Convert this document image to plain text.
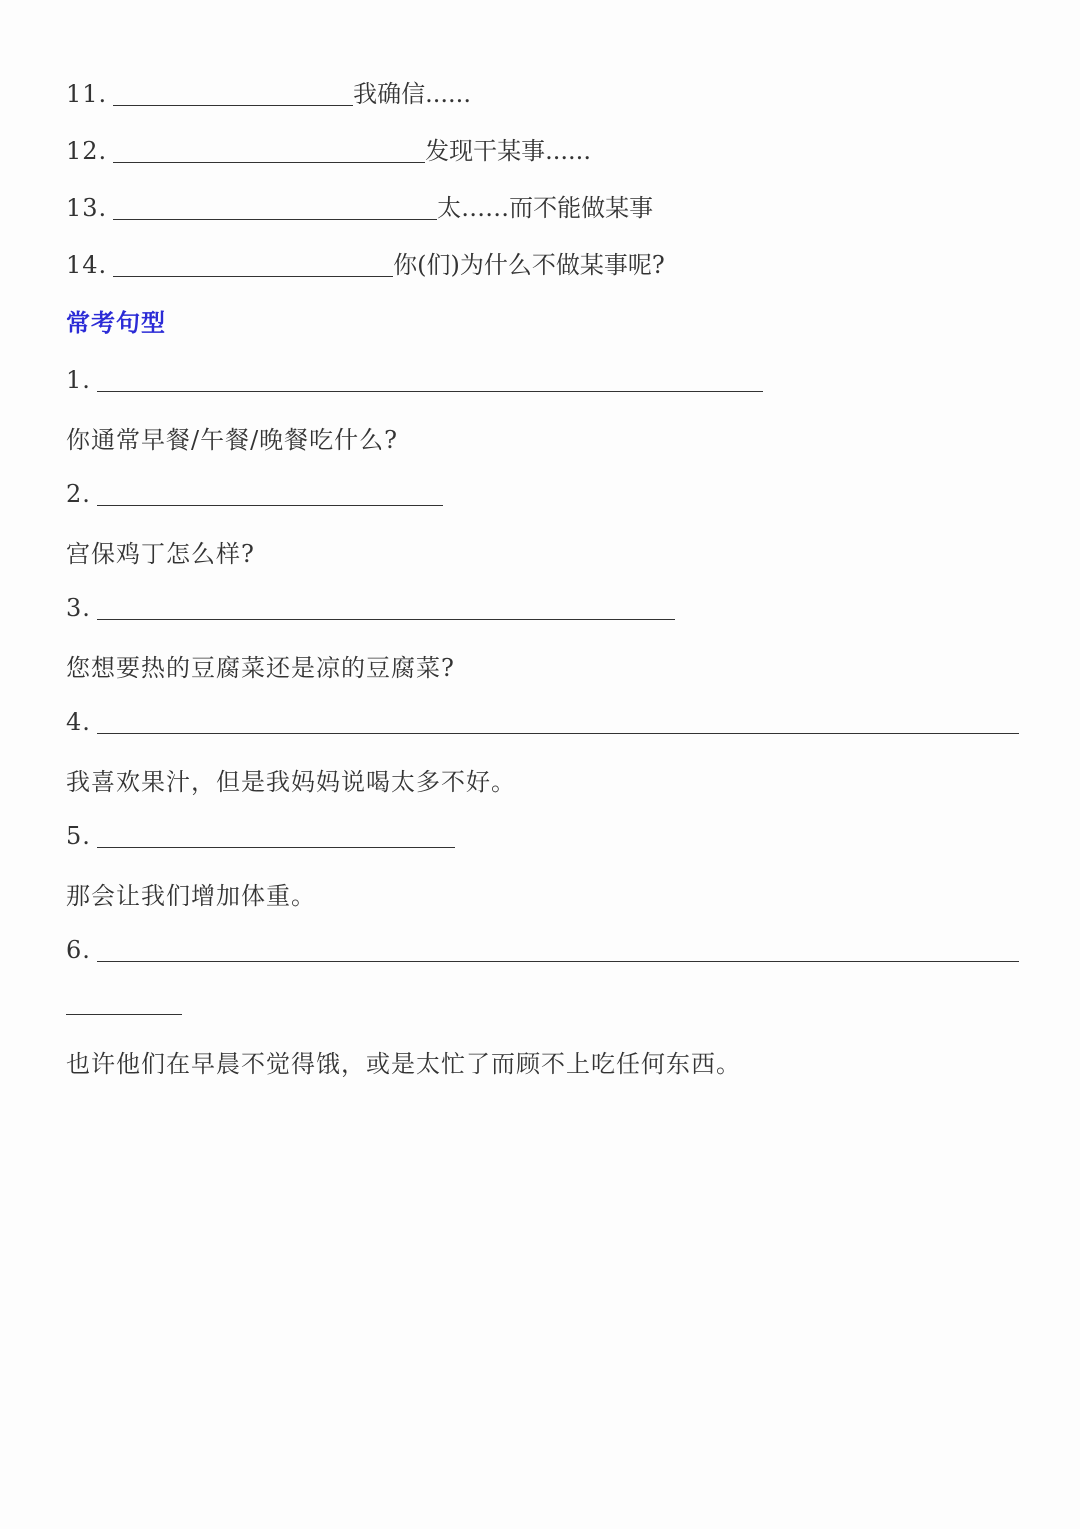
11.	我确信......
12.	发现干某事......
13.	太……而不能做某事
14.	你(们)为什么不做某事呢?
常考句型
1.
你通常早餐/午餐/晚餐吃什么?
2.
宫保鸡丁怎么样?
3.
您想要热的豆腐菜还是凉的豆腐菜?
4.
我喜欢果汁，但是我妈妈说喝太多不好。
5.
那会让我们增加体重。
6.
也许他们在早晨不觉得饿，或是太忙了而顾不上吃任何东西。
